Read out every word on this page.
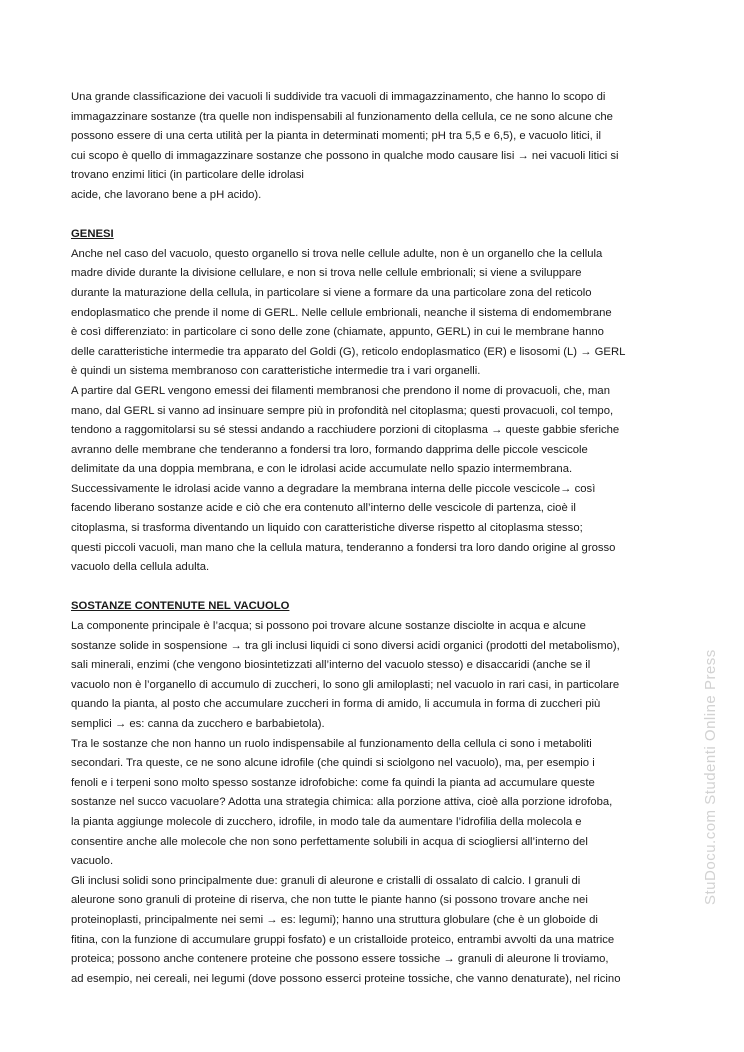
Una grande classificazione dei vacuoli li suddivide tra vacuoli di immagazzinamento, che hanno lo scopo di

immagazzinare sostanze (tra quelle non indispensabili al funzionamento della cellula, ce ne sono alcune che

possono essere di una certa utilità per la pianta in determinati momenti; pH tra 5,5 e 6,5), e vacuolo litici, il

cui scopo è quello di immagazzinare sostanze che possono in qualche modo causare lisi → nei vacuoli litici si

trovano enzimi litici (in particolare delle idrolasi

acide, che lavorano bene a pH acido).

GENESI

Anche nel caso del vacuolo, questo organello si trova nelle cellule adulte, non è un organello che la cellula

madre divide durante la divisione cellulare, e non si trova nelle cellule embrionali; si viene a sviluppare

durante la maturazione della cellula, in particolare si viene a formare da una particolare zona del reticolo

endoplasmatico che prende il nome di GERL. Nelle cellule embrionali, neanche il sistema di endomembrane

è così differenziato: in particolare ci sono delle zone (chiamate, appunto, GERL) in cui le membrane hanno

delle caratteristiche intermedie tra apparato del Goldi (G), reticolo endoplasmatico (ER) e lisosomi (L) → GERL

è quindi un sistema membranoso con caratteristiche intermedie tra i vari organelli.

A partire dal GERL vengono emessi dei filamenti membranosi che prendono il nome di provacuoli, che, man

mano, dal GERL si vanno ad insinuare sempre più in profondità nel citoplasma; questi provacuoli, col tempo,

tendono a raggomitolarsi su sé stessi andando a racchiudere porzioni di citoplasma → queste gabbie sferiche

avranno delle membrane che tenderanno a fondersi tra loro, formando dapprima delle piccole vescicole

delimitate da una doppia membrana, e con le idrolasi acide accumulate nello spazio intermembrana.

Successivamente le idrolasi acide vanno a degradare la membrana interna delle piccole vescicole→ così

facendo liberano sostanze acide e ciò che era contenuto all’interno delle vescicole di partenza, cioè il

citoplasma, si trasforma diventando un liquido con caratteristiche diverse rispetto al citoplasma stesso;

questi piccoli vacuoli, man mano che la cellula matura, tenderanno a fondersi tra loro dando origine al grosso

vacuolo della cellula adulta.

SOSTANZE CONTENUTE NEL VACUOLO

La componente principale è l’acqua; si possono poi trovare alcune sostanze disciolte in acqua e alcune

sostanze solide in sospensione → tra gli inclusi liquidi ci sono diversi acidi organici (prodotti del metabolismo),

sali minerali, enzimi (che vengono biosintetizzati all’interno del vacuolo stesso) e disaccaridi (anche se il

vacuolo non è l’organello di accumulo di zuccheri, lo sono gli amiloplasti; nel vacuolo in rari casi, in particolare

quando la pianta, al posto che accumulare zuccheri in forma di amido, li accumula in forma di zuccheri più

semplici → es: canna da zucchero e barbabietola).

Tra le sostanze che non hanno un ruolo indispensabile al funzionamento della cellula ci sono i metaboliti

secondari. Tra queste, ce ne sono alcune idrofile (che quindi si sciolgono nel vacuolo), ma, per esempio i

fenoli e i terpeni sono molto spesso sostanze idrofobiche: come fa quindi la pianta ad accumulare queste

sostanze nel succo vacuolare? Adotta una strategia chimica: alla porzione attiva, cioè alla porzione idrofoba,

la pianta aggiunge molecole di zucchero, idrofile, in modo tale da aumentare l’idrofilia della molecola e

consentire anche alle molecole che non sono perfettamente solubili in acqua di sciogliersi all’interno del

vacuolo.

Gli inclusi solidi sono principalmente due: granuli di aleurone e cristalli di ossalato di calcio. I granuli di

aleurone sono granuli di proteine di riserva, che non tutte le piante hanno (si possono trovare anche nei

proteinoplasti, principalmente nei semi → es: legumi); hanno una struttura globulare (che è un globoide di

fitina, con la funzione di accumulare gruppi fosfato) e un cristalloide proteico, entrambi avvolti da una matrice

proteica; possono anche contenere proteine che possono essere tossiche → granuli di aleurone li troviamo,

ad esempio, nei cereali, nei legumi (dove possono esserci proteine tossiche, che vanno denaturate), nel ricino

StuDocu.com Studenti Online Press
